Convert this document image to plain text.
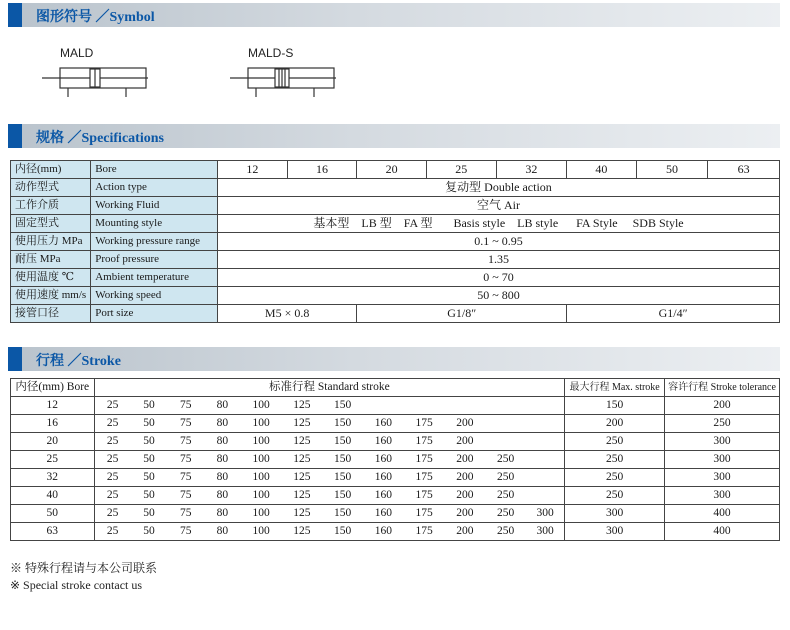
图形符号 ／Symbol
MALD	MALD-S
规格 ／Specifications
内径(mm)	Bore	12	16	20	25	32	40	50	63
动作型式	Action type	复动型 Double action							
工作介质	Working Fluid	空气 Air							
固定型式	Mounting style	基本型    LB 型    FA 型       Basis style    LB style      FA Style     SDB Style							
使用压力 MPa	Working pressure range	0.1 ~ 0.95							
耐压 MPa	Proof pressure	1.35							
使用温度 ℃	Ambient temperature	0 ~ 70							
使用速度 mm/s	Working speed	50 ~ 800							
接管口径	Port size	M5 × 0.8		G1/8″			G1/4″		
行程 ／Stroke
内径(mm) Bore	标准行程 Standard stroke												最大行程 Max. stroke	容许行程 Stroke tolerance
12	25	50	75	80	100	125	150						150	200
16	25	50	75	80	100	125	150	160	175	200			200	250
20	25	50	75	80	100	125	150	160	175	200			250	300
25	25	50	75	80	100	125	150	160	175	200	250		250	300
32	25	50	75	80	100	125	150	160	175	200	250		250	300
40	25	50	75	80	100	125	150	160	175	200	250		250	300
50	25	50	75	80	100	125	150	160	175	200	250	300	300	400
63	25	50	75	80	100	125	150	160	175	200	250	300	300	400
※ 特殊行程请与本公司联系
※ Special stroke contact us
